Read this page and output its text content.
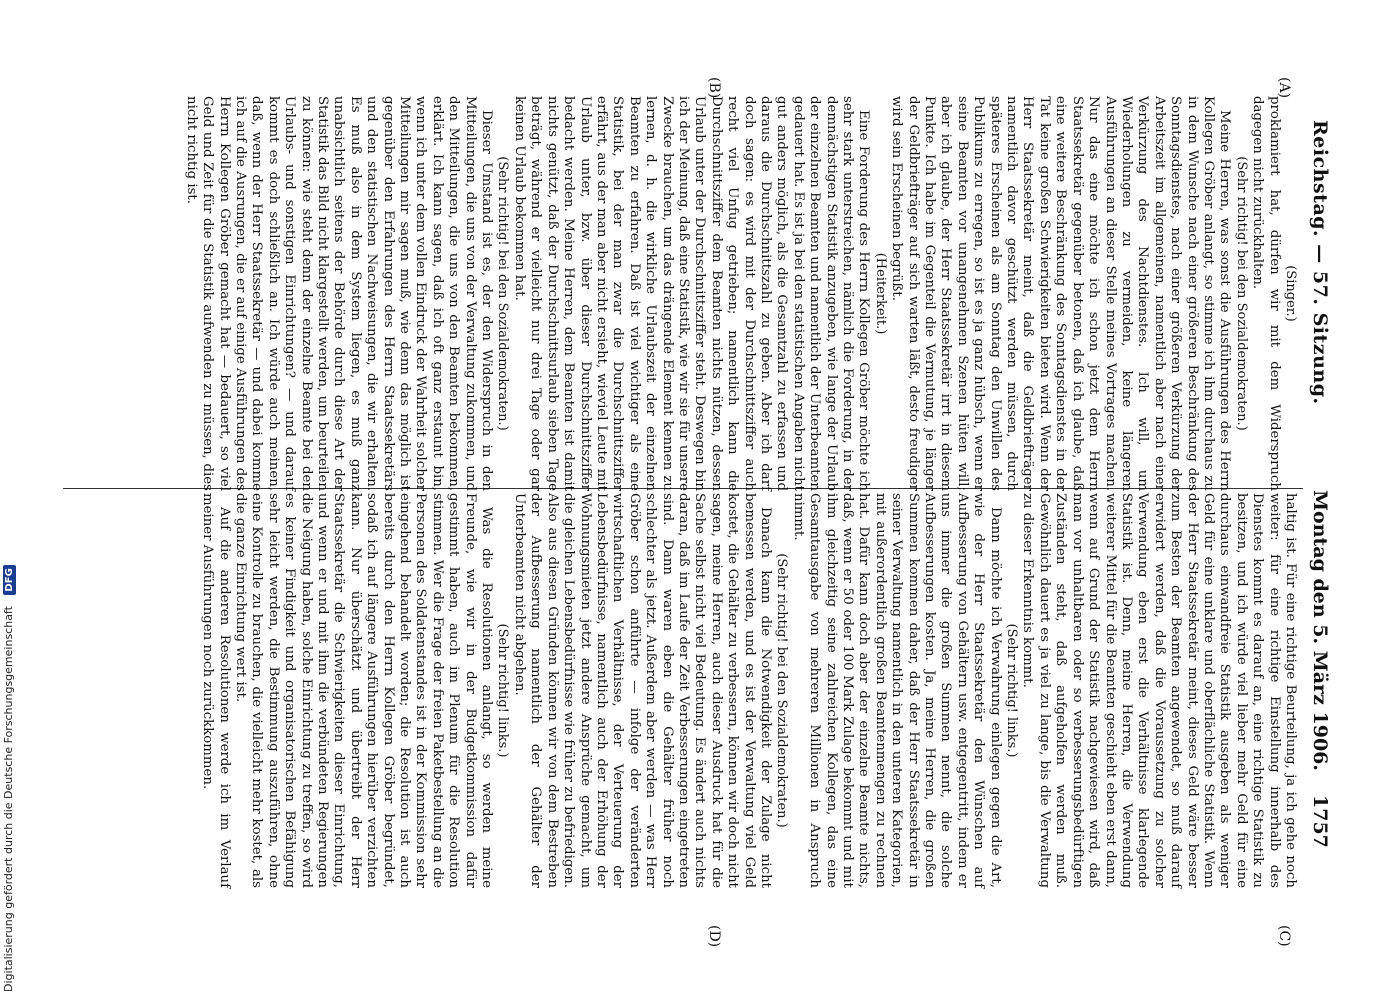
Reichstag. — 57. Sitzung.
Montag den 5. März 1906.
1757
(A)
(B)
(C)
(D)

(Singer.)

proklamiert hat, dürfen wir mit dem Widerspruch dagegen nicht zurückhalten.

(Sehr richtig! bei den Sozialdemokraten.)

Meine Herren, was sonst die Ausführungen des Herrn Kollegen Gröber anlangt, so stimme ich ihm durchaus zu in dem Wunsche nach einer größeren Beschränkung des Sonntagsdienstes, nach einer größeren Verkürzung der Arbeitszeit im allgemeinen, namentlich aber nach einer Verkürzung des Nachtdienstes. Ich will, um Wiederholungen zu vermeiden, keine längeren Ausführungen an dieser Stelle meines Vortrages machen. Nur das eine möchte ich schon jetzt dem Herrn Staatssekretär gegenüber betonen, daß ich glaube, daß eine weitere Beschränkung des Sonntagsdienstes in der Tat keine großen Schwierigkeiten bieten wird. Wenn der Herr Staatssekretär meint, daß die Geldbriefträger namentlich davor geschützt werden müssen, durch späteres Erscheinen als am Sonntag den Unwillen des Publikums zu erregen, so ist es ja ganz hübsch, wenn er seine Beamten vor unangenehmen Szenen hüten will; aber ich glaube, der Herr Staatssekretär irrt in diesem Punkte. Ich habe im Gegenteil die Vermutung, je länger der Geldbriefträger auf sich warten läßt, desto freudiger wird sein Erscheinen begrüßt.

(Heiterkeit.)

Eine Forderung des Herrn Kollegen Gröber möchte ich sehr stark unterstreichen, nämlich die Forderung, in der demnächstigen Statistik anzugeben, wie lange der Urlaub der einzelnen Beamten und namentlich der Unterbeamten gedauert hat. Es ist ja bei den statistischen Angaben nicht gut anders möglich, als die Gesamtzahl zu erfassen und daraus die Durchschnittszahl zu geben. Aber ich darf doch sagen: es wird mit der Durchschnittsziffer auch recht viel Unfug getrieben; namentlich kann die Durchschnittsziffer dem Beamten nichts nützen, dessen Urlaub unter der Durchschnittsziffer steht. Deswegen bin ich der Meinung, daß eine Statistik, wie wir sie für unsere Zwecke brauchen, um das drängende Element kennen zu lernen, d. h. die wirkliche Urlaubszeit der einzelnen Beamten zu erfahren. Daß ist viel wichtiger als eine Statistik, bei der man zwar die Durchschnittsziffer erfährt, aus der man aber nicht ersieht, wieviel Leute mit Urlaub unter, bzw. über dieser Durchschnittsziffer bedacht werden. Meine Herren, dem Beamten ist damit nichts genützt, daß der Durchschnittsurlaub sieben Tage beträgt, während er vielleicht nur drei Tage oder gar keinen Urlaub bekommen hat.

(Sehr richtig! bei den Sozialdemokraten.)

Dieser Umstand ist es, der den Widerspruch in den Mitteilungen, die uns von der Verwaltung zukommen, und den Mitteilungen, die uns von den Beamten bekommen, erklärt. Ich kann sagen, daß ich oft ganz erstaunt bin, wenn ich unter dem vollen Eindruck der Wahrheit solcher Mitteilungen mir sagen muß, wie denn das möglich ist gegenüber den Erfahrungen des Herrn Staatssekretärs und den statistischen Nachweisungen, die wir erhalten. Es muß also in dem System liegen, es muß ganz unabsichtlich seitens der Behörde durch diese Art der Statistik das Bild nicht klargestellt werden, um beurteilen zu können: wie steht denn der einzelne Beamte bei den Urlaubs- und sonstigen Einrichtungen? — und darauf kommt es doch schließlich an. Ich würde auch meinen, daß, wenn der Herr Staatssekretär — und dabei komme ich auf die Ausrungen, die er auf einige Ausführungen des Herrn Kollegen Gröber gemacht hat — bedauert, so viel Geld und Zeit für die Statistik aufwenden zu müssen, dies nicht richtig ist.

haltig ist. Für eine richtige Beurteilung, ja ich gehe noch weiter: für eine richtige Einstellung innerhalb des Dienstes kommt es darauf an, eine richtige Statistik zu besitzen, und ich würde viel lieber mehr Geld für eine durchaus einwandfreie Statistik ausgeben als weniger Geld für eine unklare und oberflächliche Statistik. Wenn der Herr Staatssekretär meint, dieses Geld wäre besser zum Besten der Beamten angewendet, so muß darauf erwidert werden, daß die Voraussetzung zu solcher Verwendung eben erst die Verhältnisse klarlegende Statistik ist. Denn, meine Herren, die Verwendung weiterer Mittel für die Beamten geschieht eben erst dann, wenn auf Grund der Statistik nachgewiesen wird, daß man vor unhaltbaren oder so verbesserungsbedürftigen Zuständen steht, daß aufgeholfen werden muß. Gewöhnlich dauert es ja viel zu lange, bis die Verwaltung zu dieser Erkenntnis kommt.

(Sehr richtig! links.)

Dann möchte ich Verwahrung einlegen gegen die Art, wie der Herr Staatssekretär den Wünschen auf Aufbesserung von Gehältern usw. entgegentritt, indem er uns immer die großen Summen nennt, die solche Aufbesserungen kosten. Ja, meine Herren, die großen Summen kommen daher, daß der Herr Staatssekretär in seiner Verwaltung namentlich in den unteren Kategorien, mit außerordentlich großen Beamtenmengen zu rechnen hat. Dafür kann doch aber der einzelne Beamte nichts, daß, wenn er 50 oder 100 Mark Zulage bekommt und mit ihm gleichzeitig seine zahlreichen Kollegen, das eine Gesamtausgabe von mehreren Millionen in Anspruch nimmt.

(Sehr richtig! bei den Sozialdemokraten.)

Danach kann die Notwendigkeit der Zulage nicht bemessen werden, und es ist der Verwaltung viel Geld kostet, die Gehälter zu verbessern, können wir doch nicht sagen, meine Herren, auch dieser Ausdruck hat für die Sache selbst nicht viel Bedeutung. Es ändert auch nichts daran, daß im Laufe der Zeit Verbesserungen eingetreten sind. Dann waren eben die Gehälter früher noch schlechter als jetzt. Außerdem aber werden — was Herr Gröber schon anführte — infolge der veränderten wirtschaftlichen Verhältnisse, der Verteuerung der Lebensbedürfnisse, namentlich auch der Erhöhung der Wohnungsmieten jetzt andere Ansprüche gemacht, um die gleichen Lebensbedürfnisse wie früher zu befriedigen. Also aus diesen Gründen können wir von dem Bestreben der Aufbesserung namentlich der Gehälter der Unterbeamten nicht abgehen.

(Sehr richtig! links.)

Was die Resolutionen anlangt, so werden meine Freunde, wie wir in der Budgetkommission dafür gestimmt haben, auch im Plenum für die Resolution stimmen. Wer die Frage der freien Paketbestellung an die Personen des Soldatenstandes ist in der Kommission sehr eingehend behandelt worden; die Resolution ist auch bereits durch den Herrn Kollegen Gröber begründet, sodaß ich auf längere Ausführungen hierüber verzichten kann. Nur überschätzt und übertreibt der Herr Staatssekretär die Schwierigkeiten dieser Einrichtung, und wenn er und mit ihm die verbündeten Regierungen die Neigung haben, solche Einrichtung zu treffen, so wird es keiner Findigkeit und organisatorischen Befähigung sehr leicht werden, die Bestimmung auszuführen, ohne eine Kontrolle zu brauchen, die vielleicht mehr kostet, als die ganze Einrichtung wert ist.

Auf die anderen Resolutionen werde ich im Verlauf meiner Ausführungen noch zurückkommen.

Digitalisierung gefördert durch die Deutsche Forschungsgemeinschaft DFG
